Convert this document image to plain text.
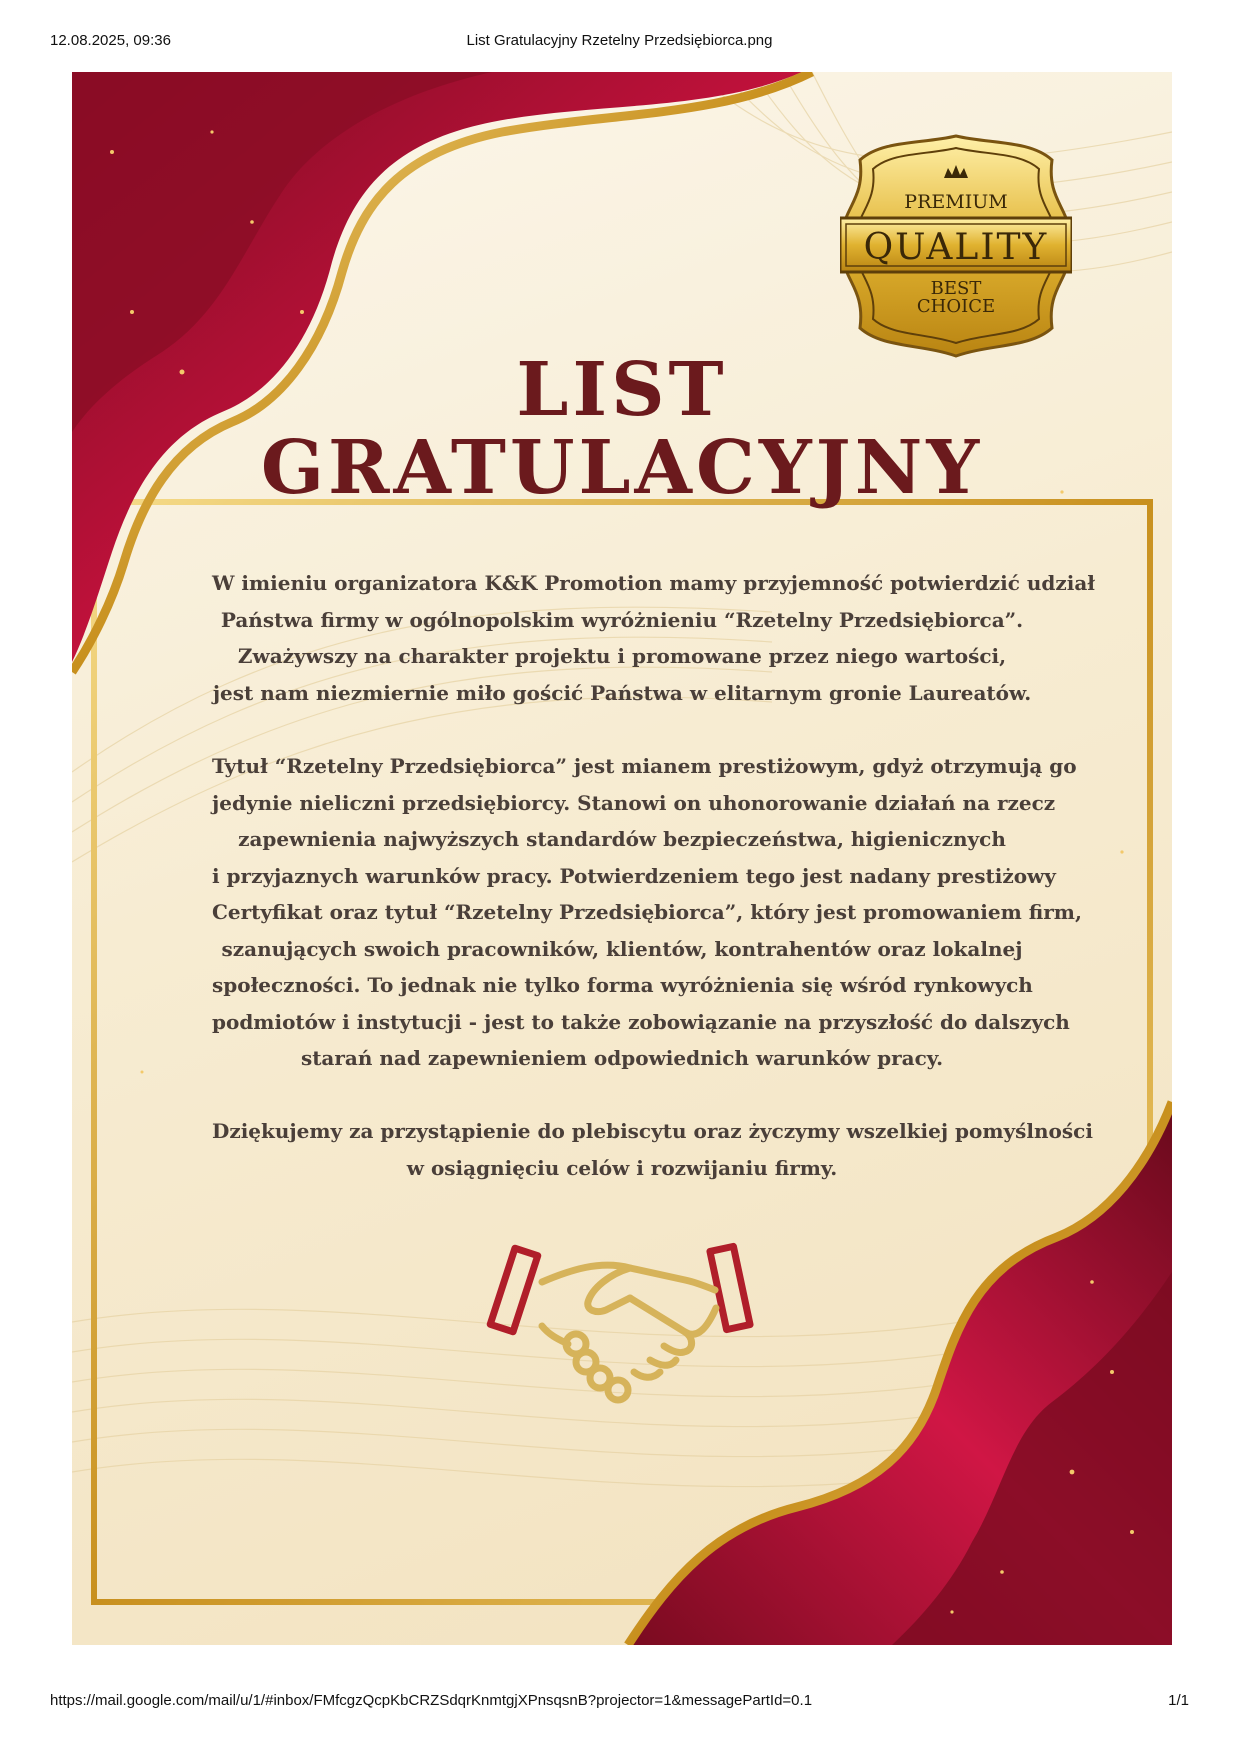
12.08.2025, 09:36	List Gratulacyjny Rzetelny Przedsiębiorca.png
PREMIUM
QUALITY
BEST
CHOICE
LIST
GRATULACYJNY
W imieniu organizatora K&K Promotion mamy przyjemność potwierdzić udział
Państwa firmy w ogólnopolskim wyróżnieniu “Rzetelny Przedsiębiorca”.
Zważywszy na charakter projektu i promowane przez niego wartości,
jest nam niezmiernie miło gościć Państwa w elitarnym gronie Laureatów.
Tytuł “Rzetelny Przedsiębiorca” jest mianem prestiżowym, gdyż otrzymują go
jedynie nieliczni przedsiębiorcy. Stanowi on uhonorowanie działań na rzecz
zapewnienia najwyższych standardów bezpieczeństwa, higienicznych
i przyjaznych warunków pracy. Potwierdzeniem tego jest nadany prestiżowy
Certyfikat oraz tytuł “Rzetelny Przedsiębiorca”, który jest promowaniem firm,
szanujących swoich pracowników, klientów, kontrahentów oraz lokalnej
społeczności. To jednak nie tylko forma wyróżnienia się wśród rynkowych
podmiotów i instytucji - jest to także zobowiązanie na przyszłość do dalszych
starań nad zapewnieniem odpowiednich warunków pracy.
Dziękujemy za przystąpienie do plebiscytu oraz życzymy wszelkiej pomyślności
w osiągnięciu celów i rozwijaniu firmy.
https://mail.google.com/mail/u/1/#inbox/FMfcgzQcpKbCRZSdqrKnmtgjXPnsqsnB?projector=1&messagePartId=0.1	1/1
